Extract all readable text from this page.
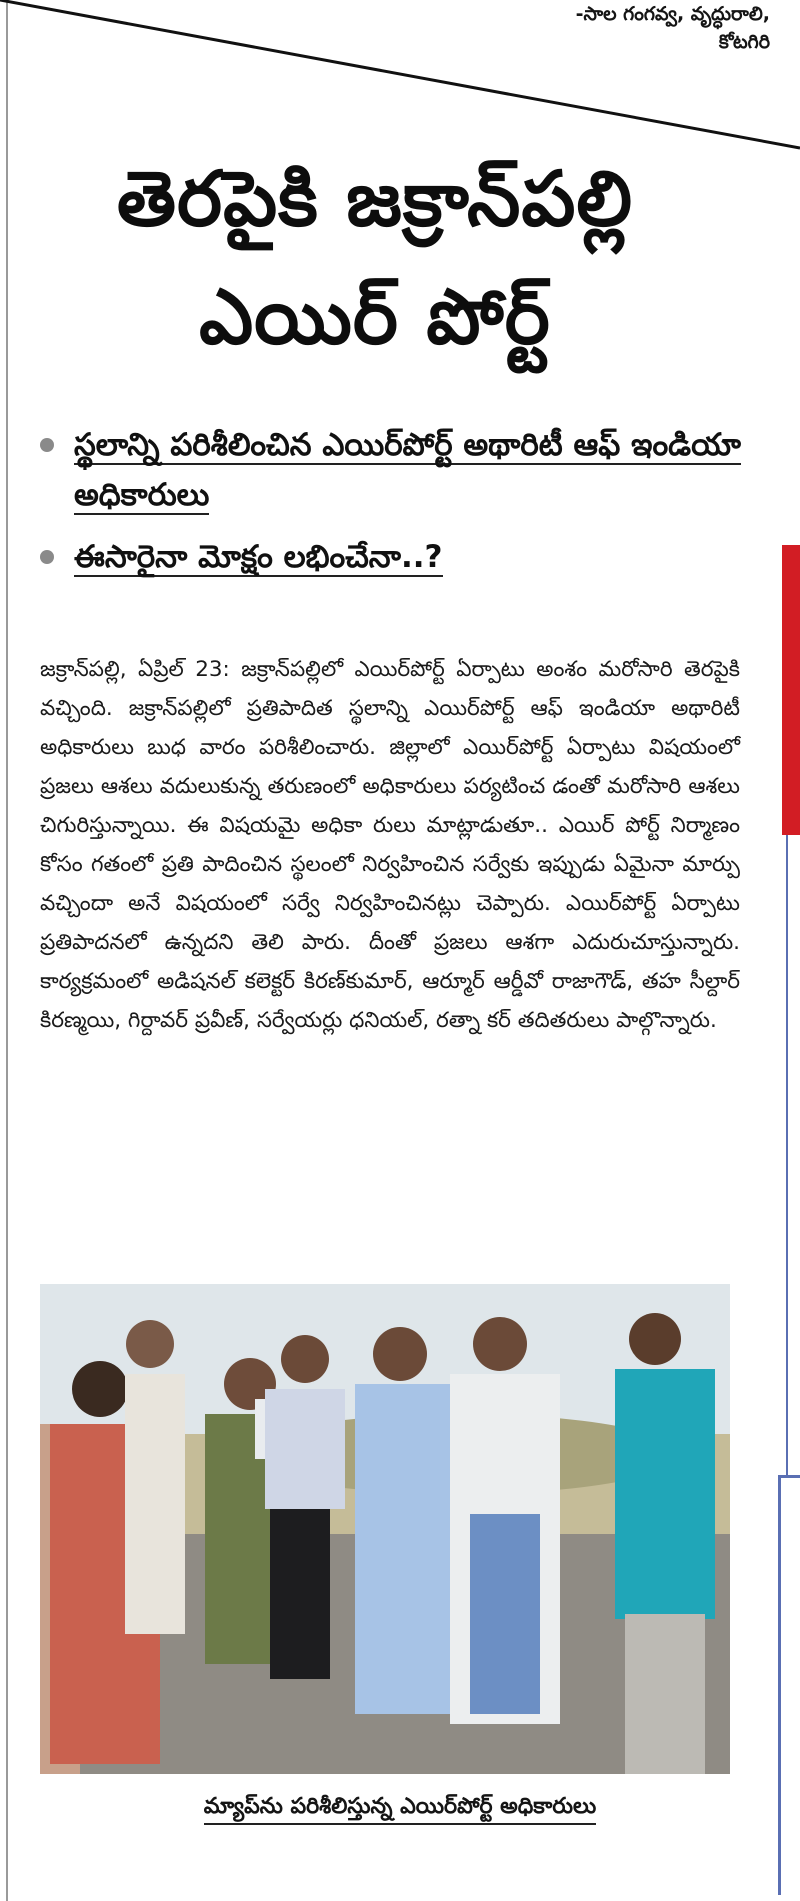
-సాల గంగవ్వ, వృద్ధురాలి,
కోటగిరి
తెరపైకి జక్రాన్‌పల్లి
ఎయిర్ పోర్ట్
స్థలాన్ని పరిశీలించిన ఎయిర్‌పోర్ట్ అథారిటీ ఆఫ్ ఇండియా అధికారులు
ఈసారైనా మోక్షం లభించేనా..?
జక్రాన్‌పల్లి, ఏప్రిల్ 23: జక్రాన్‌పల్లిలో ఎయిర్‌పోర్ట్ ఏర్పాటు అంశం మరోసారి తెరపైకి వచ్చింది. జక్రాన్‌పల్లిలో ప్రతిపాదిత స్థలాన్ని ఎయిర్‌పోర్ట్ ఆఫ్ ఇండియా అథారిటీ అధికారులు బుధ వారం పరిశీలించారు. జిల్లాలో ఎయిర్‌పోర్ట్ ఏర్పాటు విషయంలో ప్రజలు ఆశలు వదులుకున్న తరుణంలో అధికారులు పర్యటించ డంతో మరోసారి ఆశలు చిగురిస్తున్నాయి. ఈ విషయమై అధికా రులు మాట్లాడుతూ.. ఎయిర్ పోర్ట్ నిర్మాణం కోసం గతంలో ప్రతి పాదించిన స్థలంలో నిర్వహించిన సర్వేకు ఇప్పుడు ఏమైనా మార్పు వచ్చిందా అనే విషయంలో సర్వే నిర్వహించినట్లు చెప్పారు. ఎయిర్‌పోర్ట్ ఏర్పాటు ప్రతిపాదనలో ఉన్నదని తెలి పారు. దీంతో ప్రజలు ఆశగా ఎదురుచూస్తున్నారు. కార్యక్రమంలో అడిషనల్ కలెక్టర్ కిరణ్‌కుమార్, ఆర్మూర్ ఆర్డీవో రాజాగౌడ్, తహ సీల్దార్ కిరణ్మయి, గిర్దావర్ ప్రవీణ్, సర్వేయర్లు ధనియల్, రత్నా కర్ తదితరులు పాల్గొన్నారు.
మ్యాప్‌ను పరిశీలిస్తున్న ఎయిర్‌పోర్ట్ అధికారులు
